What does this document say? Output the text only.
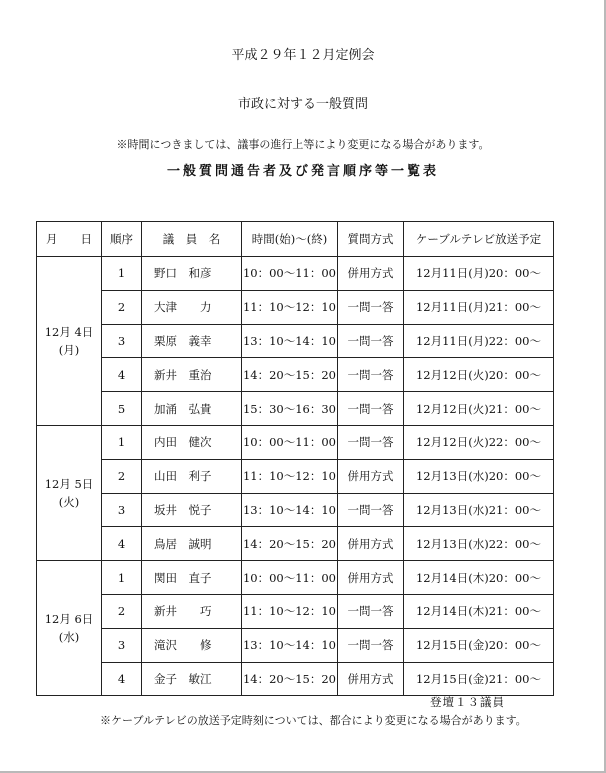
平成２９年１２月定例会
市政に対する一般質問
※時間につきましては、議事の進行上等により変更になる場合があります。
一般質問通告者及び発言順序等一覧表
月　　日	順序	議　員　名	時間(始)～(終)	質問方式	ケーブルテレビ放送予定

12月 4日
(月)	1	野口　和彦	10：00～11：00	併用方式	12月11日(月)20：00～
	2	大津　　力	11：10～12：10	一問一答	12月11日(月)21：00～
	3	栗原　義幸	13：10～14：10	一問一答	12月11日(月)22：00～
	4	新井　重治	14：20～15：20	一問一答	12月12日(火)20：00～
	5	加涌　弘貴	15：30～16：30	一問一答	12月12日(火)21：00～

12月 5日
(火)	1	内田　健次	10：00～11：00	一問一答	12月12日(火)22：00～
	2	山田　利子	11：10～12：10	併用方式	12月13日(水)20：00～
	3	坂井　悦子	13：10～14：10	一問一答	12月13日(水)21：00～
	4	鳥居　誠明	14：20～15：20	併用方式	12月13日(水)22：00～

12月 6日
(水)	1	関田　直子	10：00～11：00	併用方式	12月14日(木)20：00～
	2	新井　　巧	11：10～12：10	一問一答	12月14日(木)21：00～
	3	滝沢　　修	13：10～14：10	一問一答	12月15日(金)20：00～
	4	金子　敏江	14：20～15：20	併用方式	12月15日(金)21：00～
登壇１３議員
※ケーブルテレビの放送予定時刻については、都合により変更になる場合があります。
